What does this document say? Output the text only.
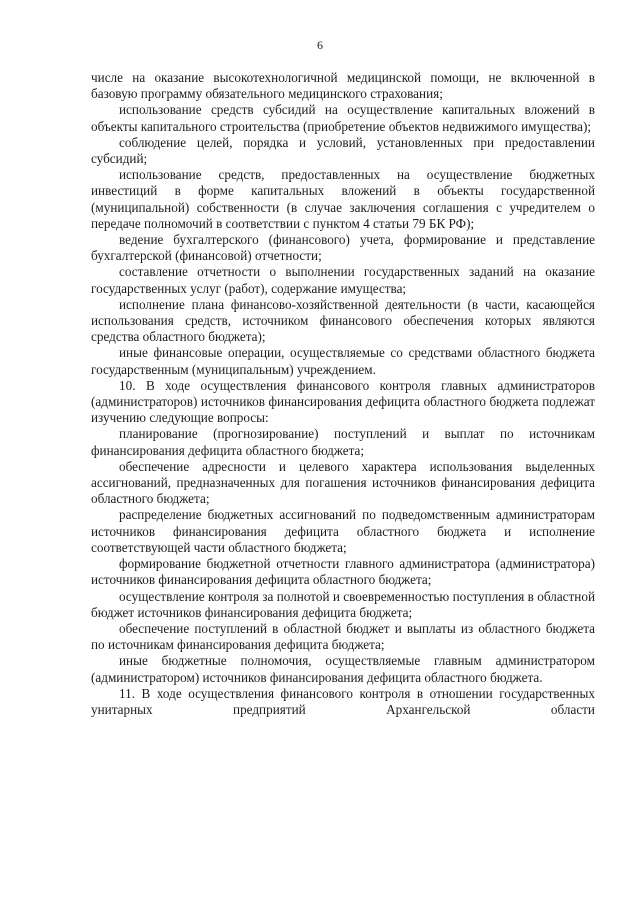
6

числе на оказание высокотехнологичной медицинской помощи, не включенной в базовую программу обязательного медицинского страхования;

использование средств субсидий на осуществление капитальных вложений в объекты капитального строительства (приобретение объектов недвижимого имущества);

соблюдение целей, порядка и условий, установленных при предоставлении субсидий;

использование средств, предоставленных на осуществление бюджетных инвестиций в форме капитальных вложений в объекты государственной (муниципальной) собственности (в случае заключения соглашения с учредителем о передаче полномочий в соответствии с пунктом 4 статьи 79 БК РФ);

ведение бухгалтерского (финансового) учета, формирование и представление бухгалтерской (финансовой) отчетности;

составление отчетности о выполнении государственных заданий на оказание государственных услуг (работ), содержание имущества;

исполнение плана финансово-хозяйственной деятельности (в части, касающейся использования средств, источником финансового обеспечения которых являются средства областного бюджета);

иные финансовые операции, осуществляемые со средствами областного бюджета государственным (муниципальным) учреждением.

10. В ходе осуществления финансового контроля главных администраторов (администраторов) источников финансирования дефицита областного бюджета подлежат изучению следующие вопросы:

планирование (прогнозирование) поступлений и выплат по источникам финансирования дефицита областного бюджета;

обеспечение адресности и целевого характера использования выделенных ассигнований, предназначенных для погашения источников финансирования дефицита областного бюджета;

распределение бюджетных ассигнований по подведомственным администраторам источников финансирования дефицита областного бюджета и исполнение соответствующей части областного бюджета;

формирование бюджетной отчетности главного администратора (администратора) источников финансирования дефицита областного бюджета;

осуществление контроля за полнотой и своевременностью поступления в областной бюджет источников финансирования дефицита бюджета;

обеспечение поступлений в областной бюджет и выплаты из областного бюджета по источникам финансирования дефицита бюджета;

иные бюджетные полномочия, осуществляемые главным администратором (администратором) источников финансирования дефицита областного бюджета.

11. В ходе осуществления финансового контроля в отношении государственных унитарных предприятий Архангельской области
